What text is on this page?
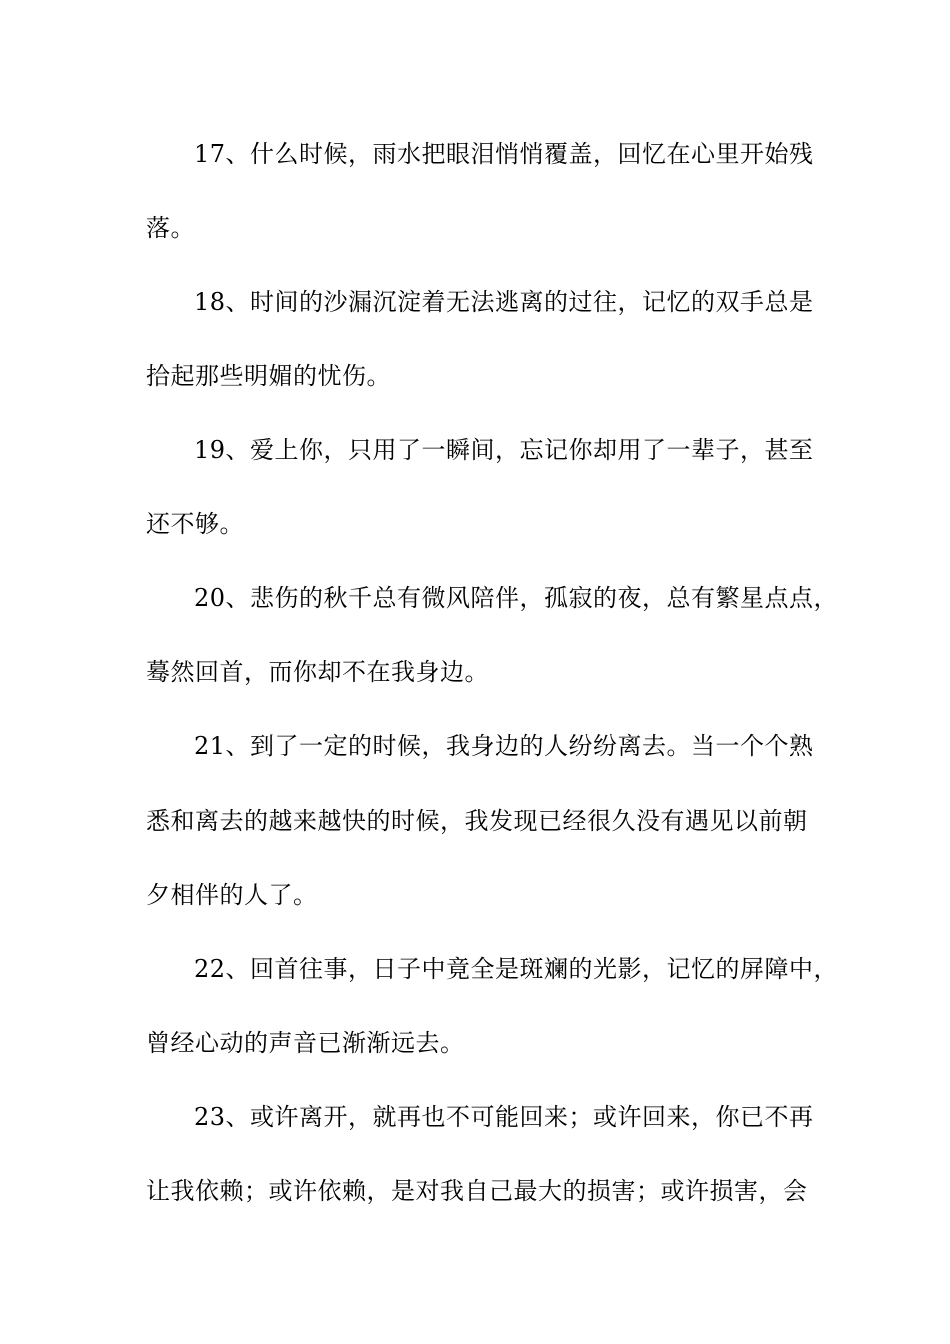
17、什么时候，雨水把眼泪悄悄覆盖，回忆在心里开始残
落。
18、时间的沙漏沉淀着无法逃离的过往，记忆的双手总是
拾起那些明媚的忧伤。
19、爱上你，只用了一瞬间，忘记你却用了一辈子，甚至
还不够。
20、悲伤的秋千总有微风陪伴，孤寂的夜，总有繁星点点，
蓦然回首，而你却不在我身边。
21、到了一定的时候，我身边的人纷纷离去。当一个个熟
悉和离去的越来越快的时候，我发现已经很久没有遇见以前朝
夕相伴的人了。
22、回首往事，日子中竟全是斑斓的光影，记忆的屏障中，
曾经心动的声音已渐渐远去。
23、或许离开，就再也不可能回来；或许回来，你已不再
让我依赖；或许依赖，是对我自己最大的损害；或许损害，会
